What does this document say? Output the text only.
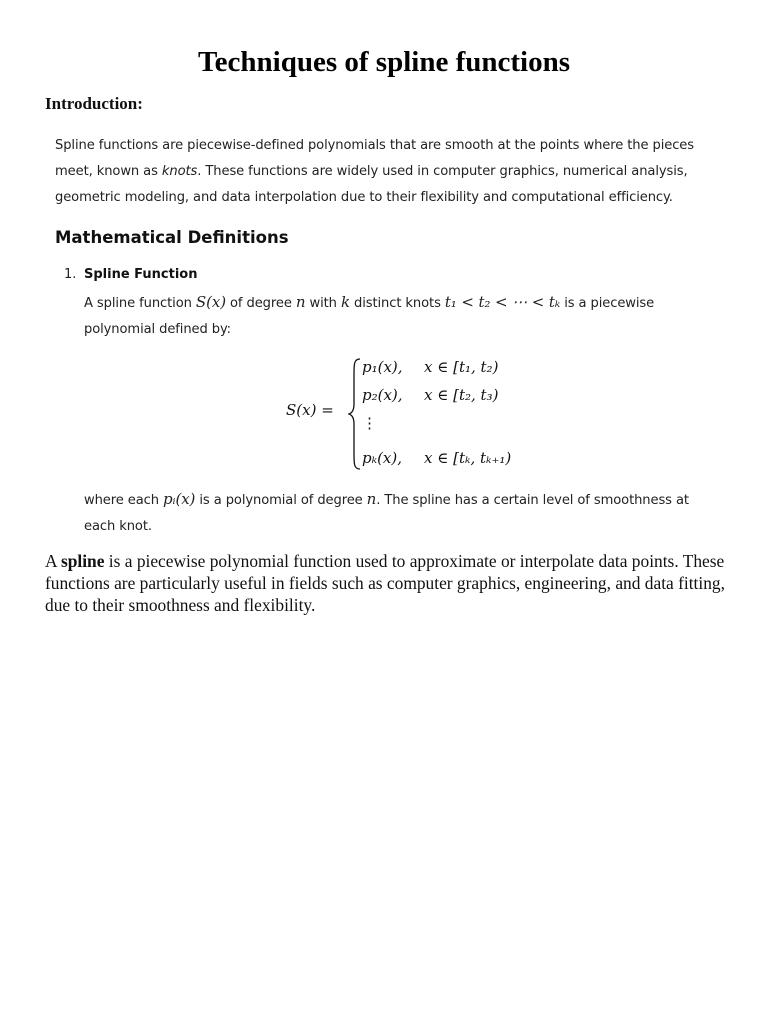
Techniques of spline functions
Introduction:

Spline functions are piecewise-defined polynomials that are smooth at the points where the pieces meet, known as knots. These functions are widely used in computer graphics, numerical analysis, geometric modeling, and data interpolation due to their flexibility and computational efficiency.

Mathematical Definitions
1. Spline Function

A spline function S(x) of degree n with k distinct knots t₁ < t₂ < ⋯ < tₖ is a piecewise polynomial defined by:

S(x) =
p₁(x), x ∈ [t₁, t₂)
p₂(x), x ∈ [t₂, t₃)
⋮
pₖ(x), x ∈ [tₖ, tₖ₊₁)

where each pᵢ(x) is a polynomial of degree n. The spline has a certain level of smoothness at each knot.

A spline is a piecewise polynomial function used to approximate or interpolate data points. These functions are particularly useful in fields such as computer graphics, engineering, and data fitting, due to their smoothness and flexibility.
